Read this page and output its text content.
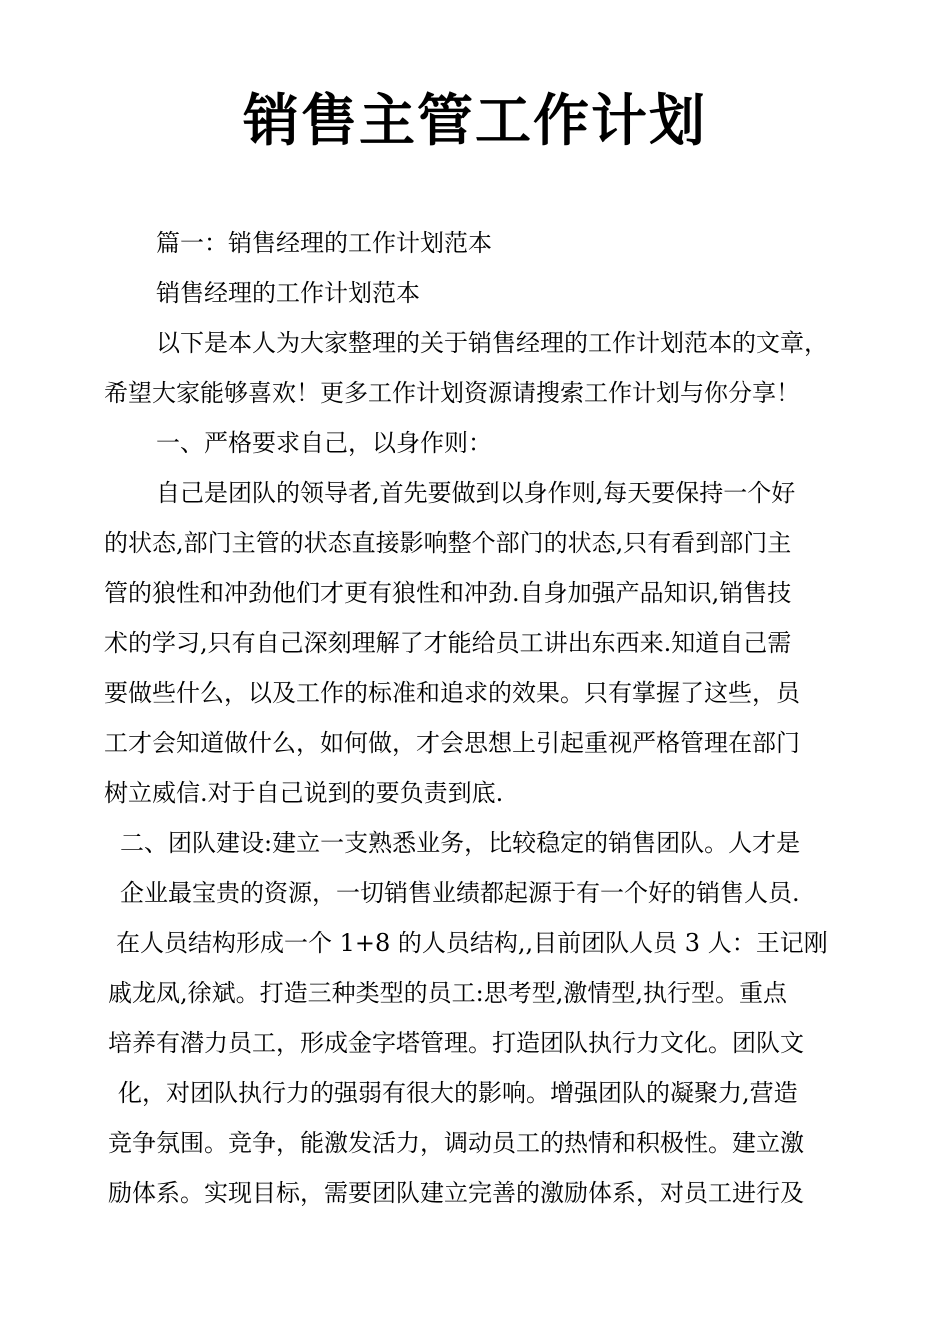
销售主管工作计划
篇一：销售经理的工作计划范本
销售经理的工作计划范本
以下是本人为大家整理的关于销售经理的工作计划范本的文章，
希望大家能够喜欢！更多工作计划资源请搜索工作计划与你分享！
一、严格要求自己，以身作则：
自己是团队的领导者,首先要做到以身作则,每天要保持一个好
的状态,部门主管的状态直接影响整个部门的状态,只有看到部门主
管的狼性和冲劲他们才更有狼性和冲劲.自身加强产品知识,销售技
术的学习,只有自己深刻理解了才能给员工讲出东西来.知道自己需
要做些什么，以及工作的标准和追求的效果。只有掌握了这些，员
工才会知道做什么，如何做，才会思想上引起重视严格管理在部门
树立威信.对于自己说到的要负责到底.
二、团队建设:建立一支熟悉业务，比较稳定的销售团队。人才是
企业最宝贵的资源，一切销售业绩都起源于有一个好的销售人员.
在人员结构形成一个 1+8 的人员结构,,目前团队人员 3 人：王记刚
戚龙凤,徐斌。打造三种类型的员工:思考型,激情型,执行型。重点
培养有潜力员工，形成金字塔管理。打造团队执行力文化。团队文
化，对团队执行力的强弱有很大的影响。增强团队的凝聚力,营造
竞争氛围。竞争，能激发活力，调动员工的热情和积极性。建立激
励体系。实现目标，需要团队建立完善的激励体系，对员工进行及
